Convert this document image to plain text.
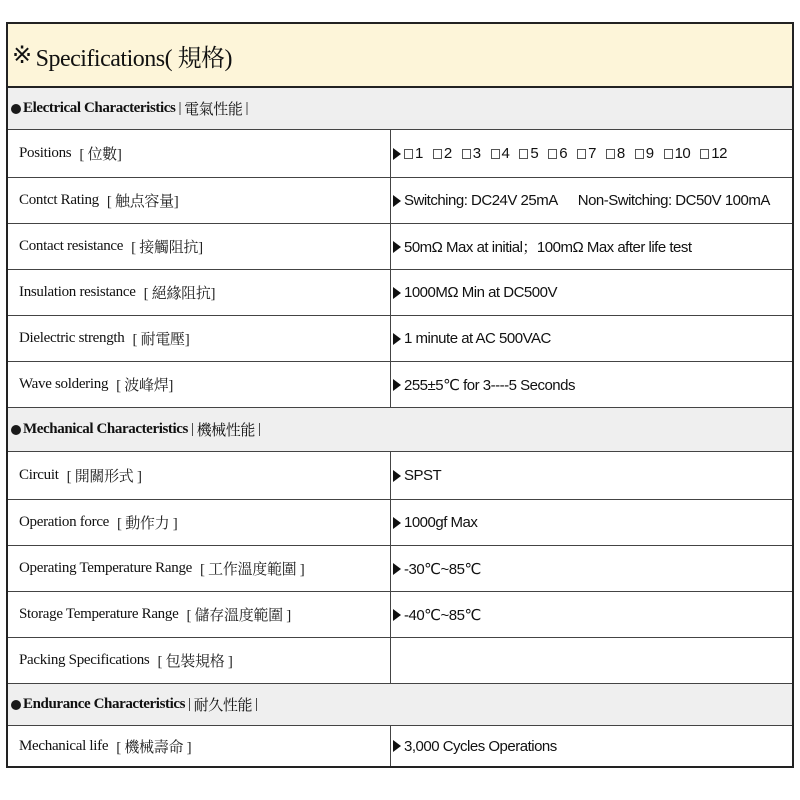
※ Specifications( 規格)
Electrical Characteristics | 電氣性能 |
Positions [ 位數]	1 2 3 4 5 6 7 8 9 10 12
Contct Rating [ 触点容量]	Switching: DC24V 25mA Non-Switching: DC50V 100mA
Contact resistance [ 接觸阻抗]	50mΩ Max at initial；100mΩ Max after life test
Insulation resistance [ 絕緣阻抗]	1000MΩ Min at DC500V
Dielectric strength [ 耐電壓]	1 minute at AC 500VAC
Wave soldering [ 波峰焊]	255±5℃ for 3----5 Seconds
Mechanical Characteristics | 機械性能 |
Circuit [ 開關形式 ]	SPST
Operation force [ 動作力 ]	1000gf Max
Operating Temperature Range [ 工作溫度範圍 ]	-30℃~85℃
Storage Temperature Range [ 儲存溫度範圍 ]	-40℃~85℃
Packing Specifications [ 包裝規格 ]
Endurance Characteristics | 耐久性能 |
Mechanical life [ 機械壽命 ]	3,000 Cycles Operations
